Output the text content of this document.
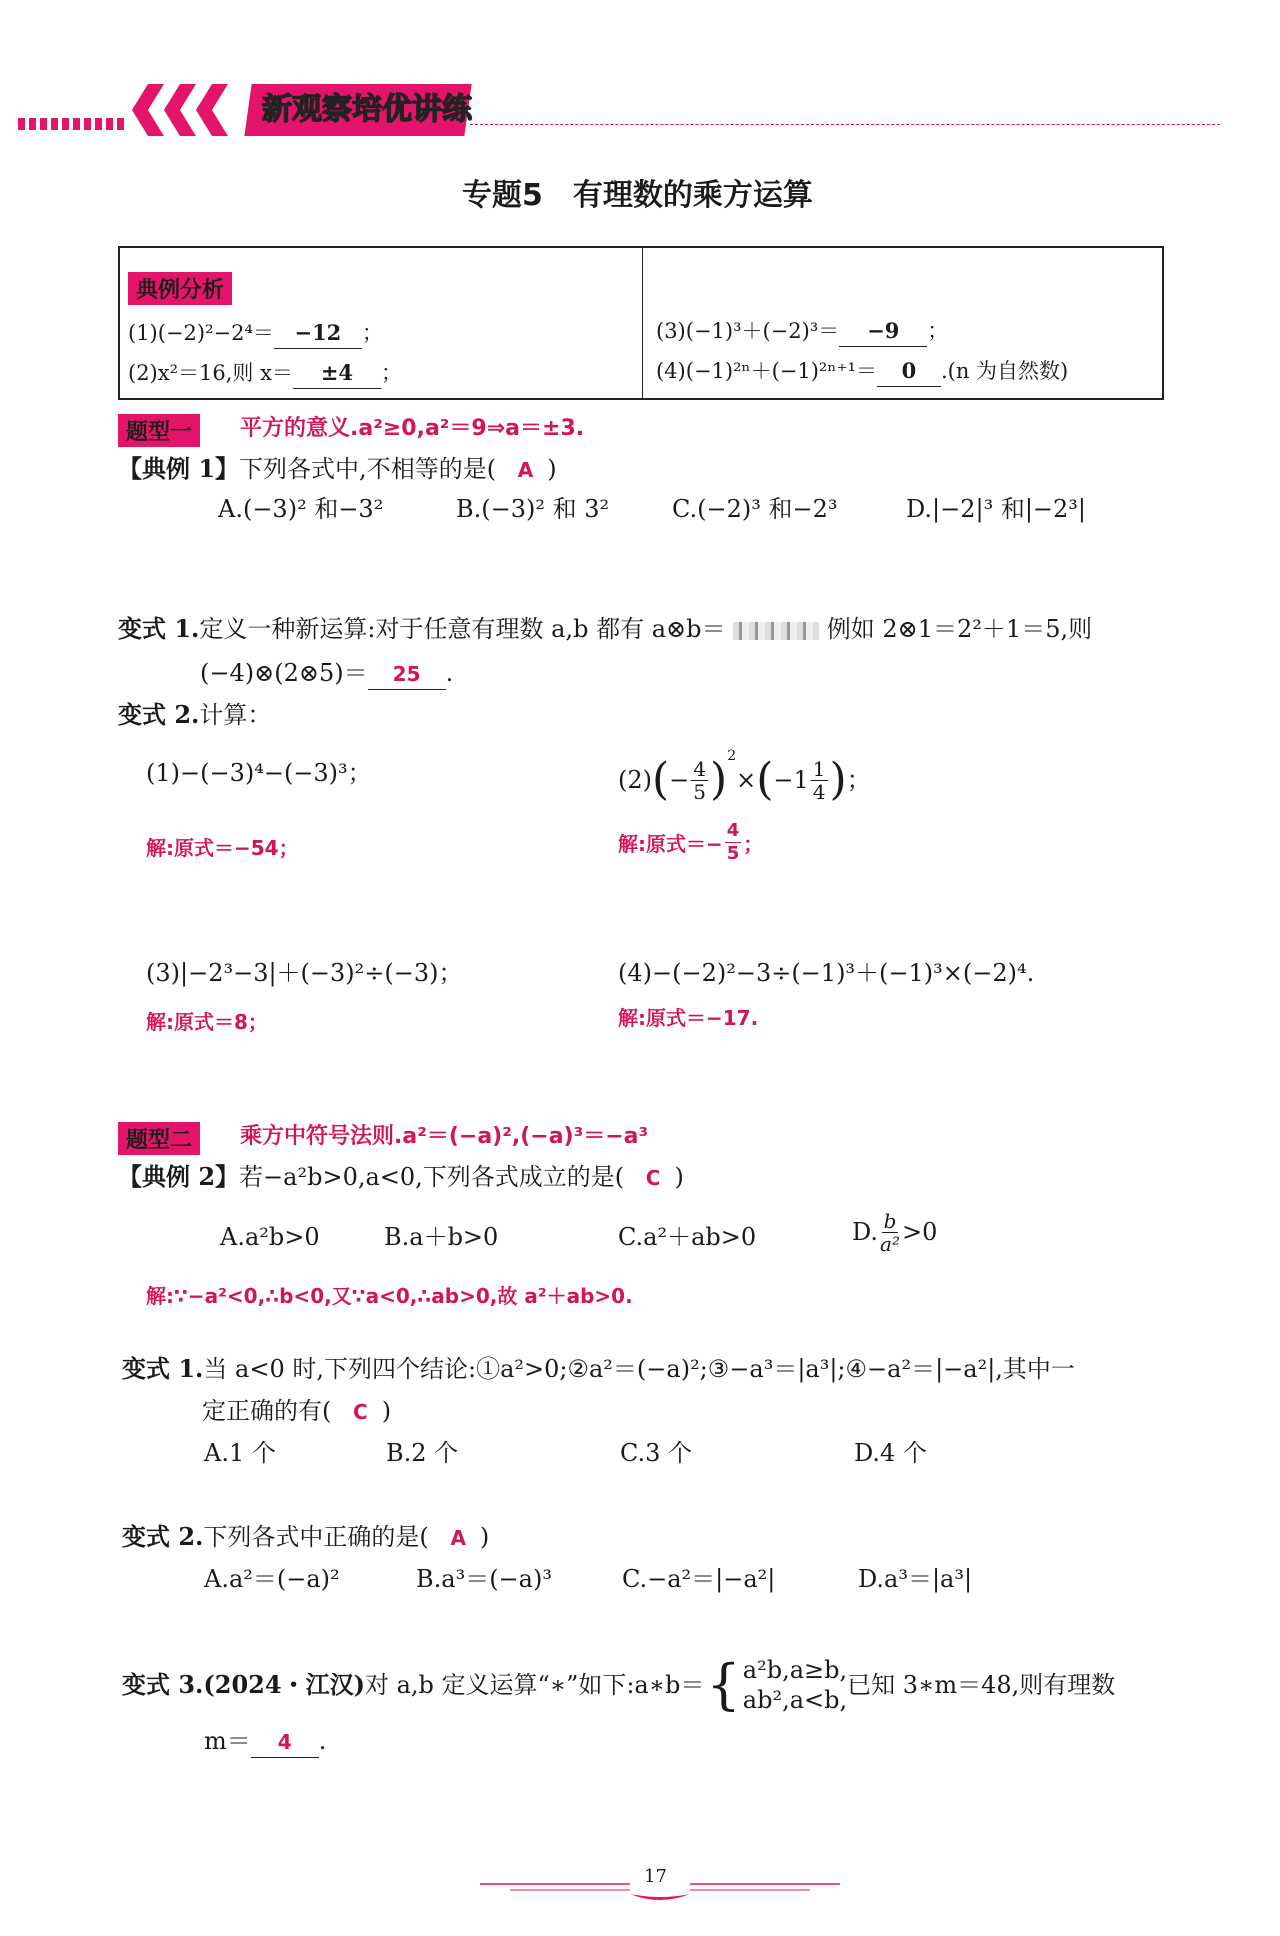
新观察培优讲练
专题5　有理数的乘方运算
典例分析
(1)(−2)²−2⁴＝ −12 ；
(2)x²＝16,则 x＝ ±4 ；
(3)(−1)³＋(−2)³＝ −9 ；
(4)(−1)²ⁿ＋(−1)²ⁿ⁺¹＝ 0 .(n 为自然数)
题型一	平方的意义.a²≥0,a²＝9⇒a＝±3.
【典例 1】下列各式中,不相等的是( A )
A.(−3)² 和−3²	B.(−3)² 和 3²	C.(−2)³ 和−2³	D.|−2|³ 和|−2³|
变式 1.定义一种新运算:对于任意有理数 a,b 都有 a⊗b＝	例如 2⊗1＝2²＋1＝5,则
(−4)⊗(2⊗5)＝ 25 .
变式 2.计算：
(1)−(−3)⁴−(−3)³；
解:原式＝−54；
(2) ( − $\frac{4}{5}$ ) 2
× ( $-1 \frac{1}{4}$ ) ；
解:原式＝− $\frac{4}{5}$ ；
(3)|−2³−3|＋(−3)²÷(−3)；
解:原式＝8；
(4)−(−2)²−3÷(−1)³＋(−1)³×(−2)⁴.
解:原式＝−17.
题型二	乘方中符号法则.a²＝(−a)²,(−a)³＝−a³
【典例 2】若−a²b>0,a<0,下列各式成立的是( C )
A.a²b>0	B.a＋b>0	C.a²＋ab>0	D. $\frac{b}{\text{a²}} >0$
解:∵−a²<0,∴b<0,又∵a<0,∴ab>0,故 a²＋ab>0.
变式 1.当 a<0 时,下列四个结论:①a²>0;②a²＝(−a)²;③−a³＝|a³|;④−a²＝|−a²|,其中一
定正确的有( C )
A.1 个	B.2 个	C.3 个	D.4 个
变式 2.下列各式中正确的是( A )
A.a²＝(−a)²	B.a³＝(−a)³	C.−a²＝|−a²|	D.a³＝|a³|
变式 3. (2024・江汉) 对 a,b 定义运算“∗”如下:a∗b＝ { a²b,a≥b,
ab²,a<b,
已知 3∗m＝48,则有理数
m＝ 4 .
17
